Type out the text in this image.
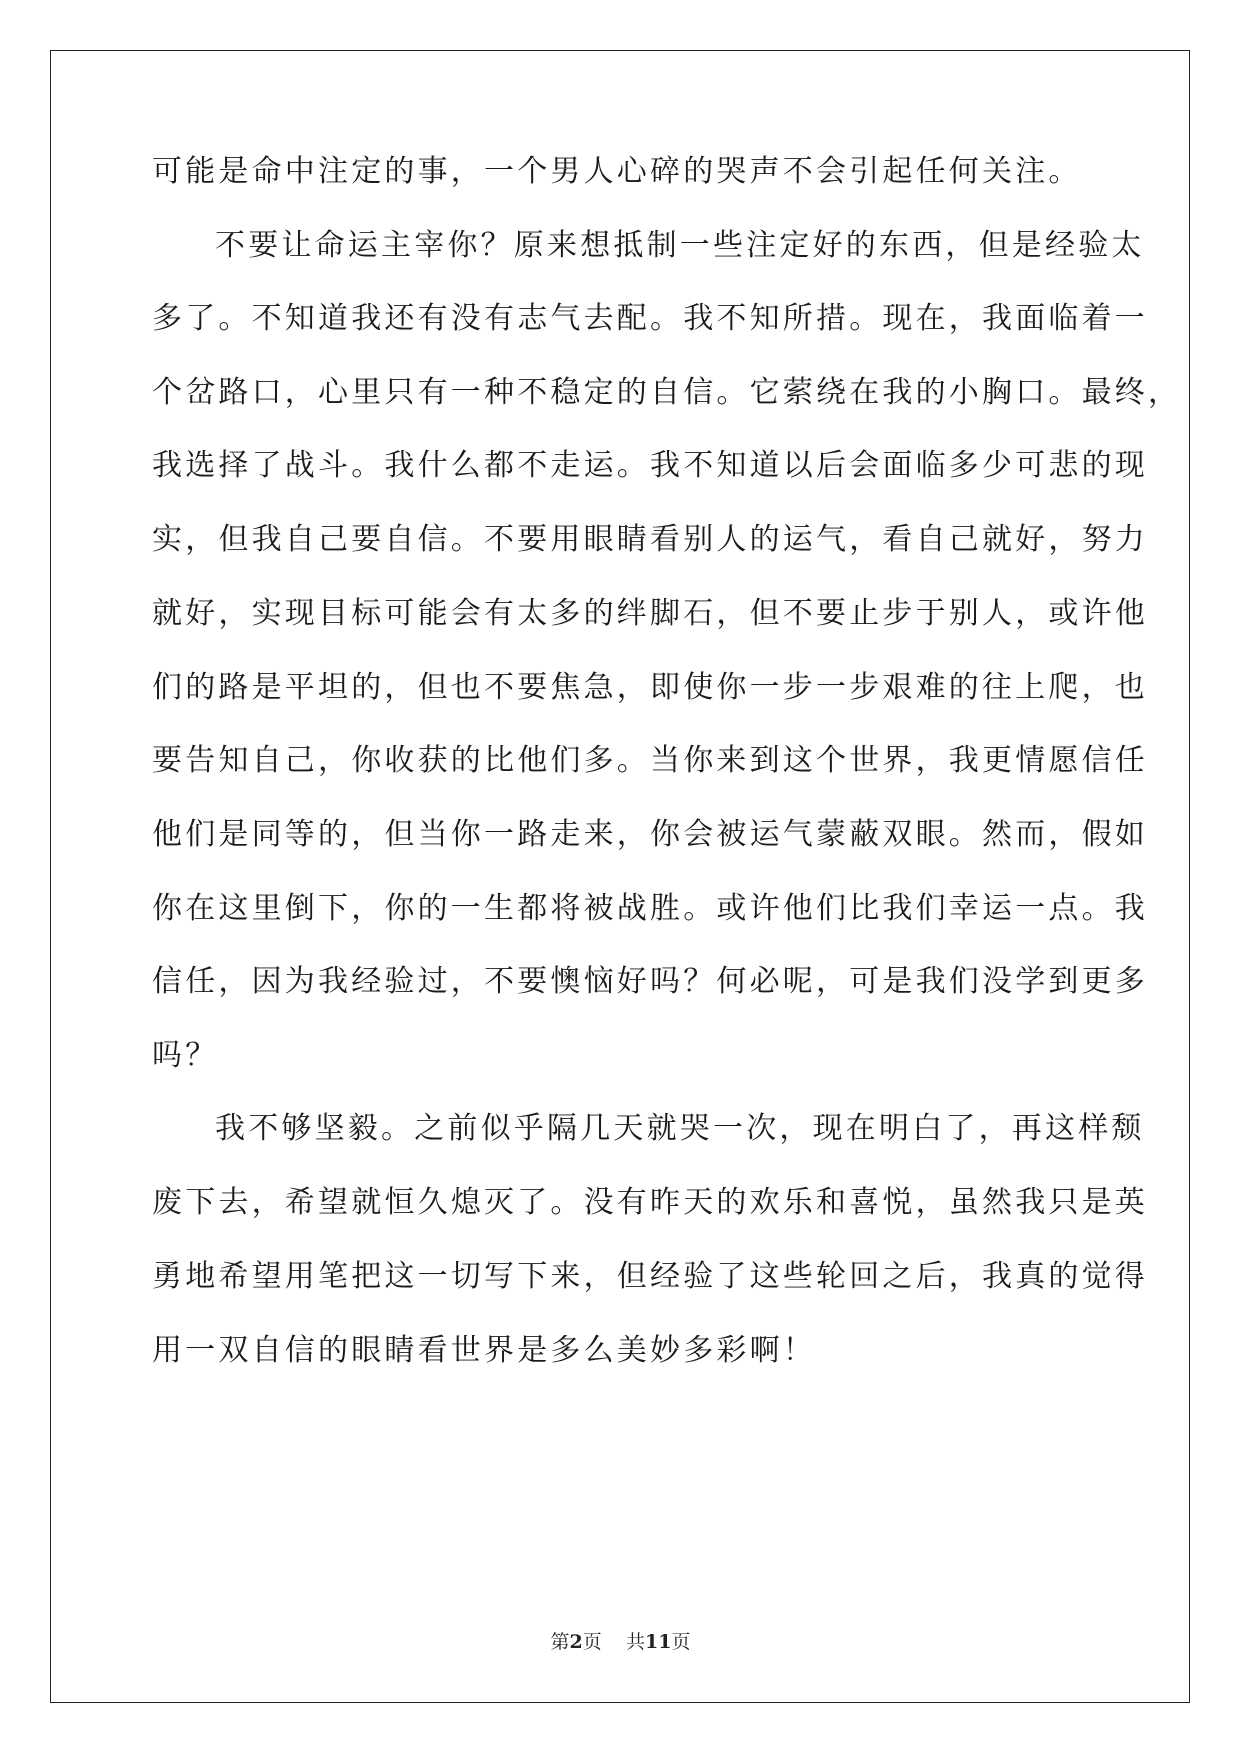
可能是命中注定的事，一个男人心碎的哭声不会引起任何关注。
不要让命运主宰你？原来想抵制一些注定好的东西，但是经验太
多了。不知道我还有没有志气去配。我不知所措。现在，我面临着一
个岔路口，心里只有一种不稳定的自信。它萦绕在我的小胸口。最终，
我选择了战斗。我什么都不走运。我不知道以后会面临多少可悲的现
实，但我自己要自信。不要用眼睛看别人的运气，看自己就好，努力
就好，实现目标可能会有太多的绊脚石，但不要止步于别人，或许他
们的路是平坦的，但也不要焦急，即使你一步一步艰难的往上爬，也
要告知自己，你收获的比他们多。当你来到这个世界，我更情愿信任
他们是同等的，但当你一路走来，你会被运气蒙蔽双眼。然而，假如
你在这里倒下，你的一生都将被战胜。或许他们比我们幸运一点。我
信任，因为我经验过，不要懊恼好吗？何必呢，可是我们没学到更多
吗？
我不够坚毅。之前似乎隔几天就哭一次，现在明白了，再这样颓
废下去，希望就恒久熄灭了。没有昨天的欢乐和喜悦，虽然我只是英
勇地希望用笔把这一切写下来，但经验了这些轮回之后，我真的觉得
用一双自信的眼睛看世界是多么美妙多彩啊！
第2页 共11页
